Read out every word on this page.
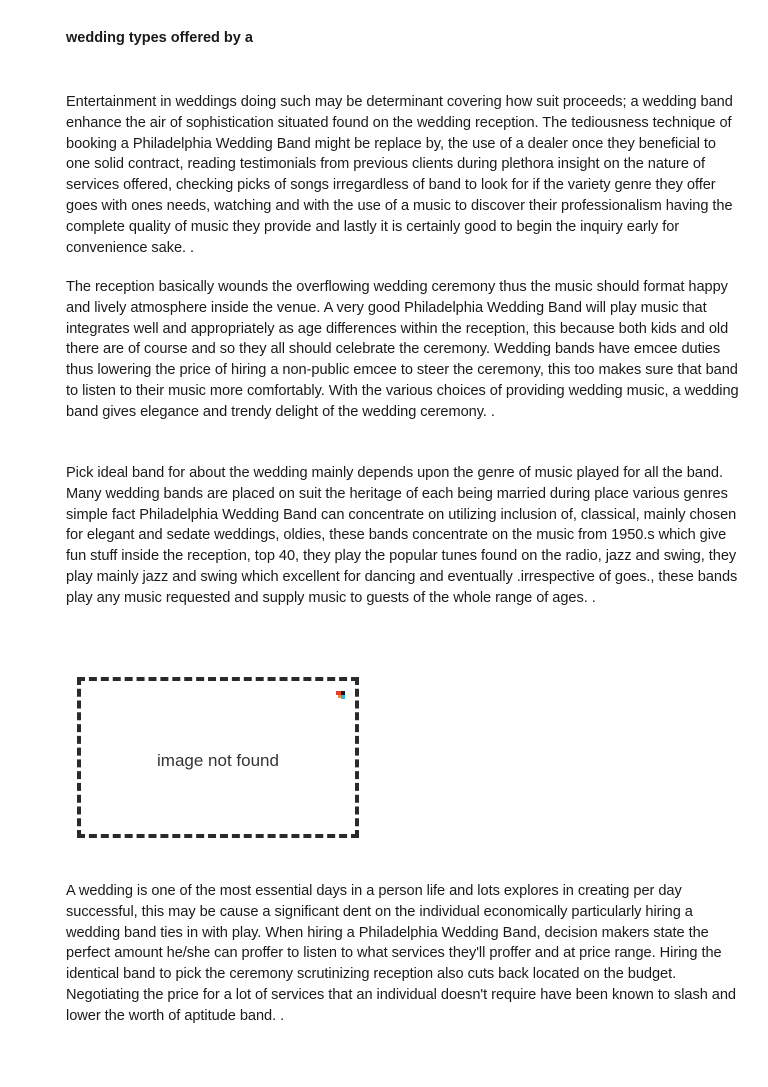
wedding types offered by a

Entertainment in weddings doing such may be determinant covering how suit proceeds; a wedding band enhance the air of sophistication situated found on the wedding reception. The tediousness technique of booking a Philadelphia Wedding Band might be replace by, the use of a dealer once they beneficial to one solid contract, reading testimonials from previous clients during plethora insight on the nature of services offered, checking picks of songs irregardless of band to look for if the variety genre they offer goes with ones needs, watching and with the use of a music to discover their professionalism having the complete quality of music they provide and lastly it is certainly good to begin the inquiry early for convenience sake. .

The reception basically wounds the overflowing wedding ceremony thus the music should format happy and lively atmosphere inside the venue. A very good Philadelphia Wedding Band will play music that integrates well and appropriately as age differences within the reception, this because both kids and old there are of course and so they all should celebrate the ceremony. Wedding bands have emcee duties thus lowering the price of hiring a non-public emcee to steer the ceremony, this too makes sure that band to listen to their music more comfortably. With the various choices of providing wedding music, a wedding band gives elegance and trendy delight of the wedding ceremony. .

Pick ideal band for about the wedding mainly depends upon the genre of music played for all the band. Many wedding bands are placed on suit the heritage of each being married during place various genres simple fact Philadelphia Wedding Band can concentrate on utilizing inclusion of, classical, mainly chosen for elegant and sedate weddings, oldies, these bands concentrate on the music from 1950.s which give fun stuff inside the reception, top 40, they play the popular tunes found on the radio, jazz and swing, they play mainly jazz and swing which excellent for dancing and eventually .irrespective of goes., these bands play any music requested and supply music to guests of the whole range of ages. .

image not found

A wedding is one of the most essential days in a person life and lots explores in creating per day successful, this may be cause a significant dent on the individual economically particularly hiring a wedding band ties in with play. When hiring a Philadelphia Wedding Band, decision makers state the perfect amount he/she can proffer to listen to what services they'll proffer and at price range. Hiring the identical band to pick the ceremony scrutinizing reception also cuts back located on the budget. Negotiating the price for a lot of services that an individual doesn't require have been known to slash and lower the worth of aptitude band. .
